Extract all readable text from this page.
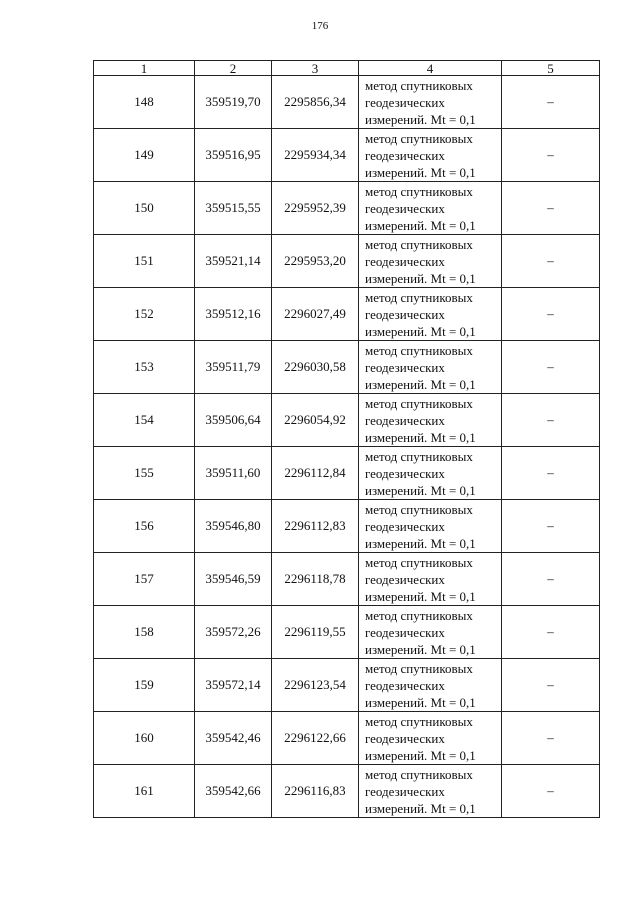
176
1	2	3	4	5
148	359519,70	2295856,34	метод спутниковых
геодезических
измерений. Mt = 0,1	–
149	359516,95	2295934,34	метод спутниковых
геодезических
измерений. Mt = 0,1	–
150	359515,55	2295952,39	метод спутниковых
геодезических
измерений. Mt = 0,1	–
151	359521,14	2295953,20	метод спутниковых
геодезических
измерений. Mt = 0,1	–
152	359512,16	2296027,49	метод спутниковых
геодезических
измерений. Mt = 0,1	–
153	359511,79	2296030,58	метод спутниковых
геодезических
измерений. Mt = 0,1	–
154	359506,64	2296054,92	метод спутниковых
геодезических
измерений. Mt = 0,1	–
155	359511,60	2296112,84	метод спутниковых
геодезических
измерений. Mt = 0,1	–
156	359546,80	2296112,83	метод спутниковых
геодезических
измерений. Mt = 0,1	–
157	359546,59	2296118,78	метод спутниковых
геодезических
измерений. Mt = 0,1	–
158	359572,26	2296119,55	метод спутниковых
геодезических
измерений. Mt = 0,1	–
159	359572,14	2296123,54	метод спутниковых
геодезических
измерений. Mt = 0,1	–
160	359542,46	2296122,66	метод спутниковых
геодезических
измерений. Mt = 0,1	–
161	359542,66	2296116,83	метод спутниковых
геодезических
измерений. Mt = 0,1	–
